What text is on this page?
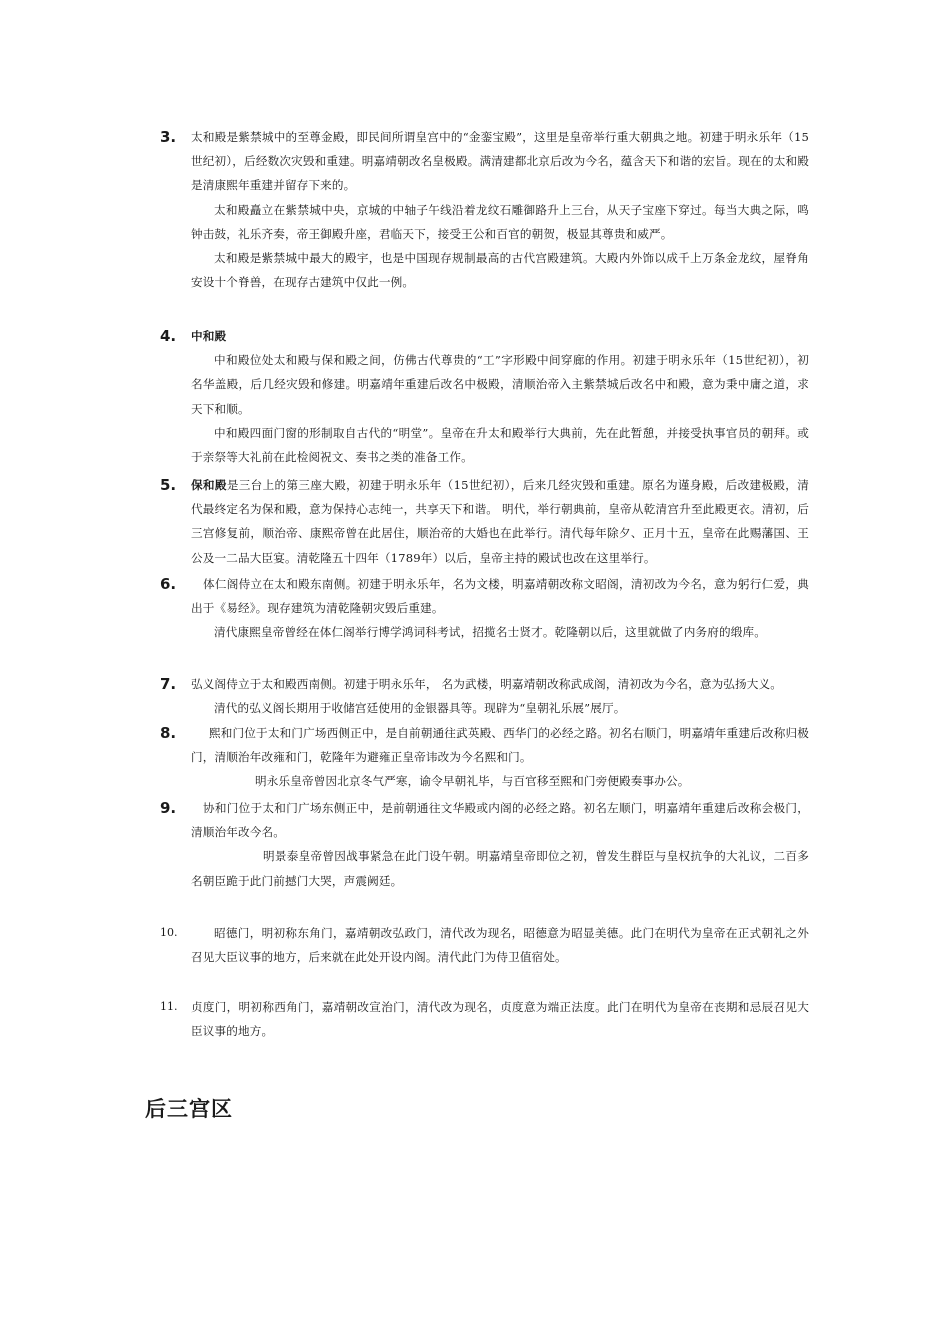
3.	太和殿是紫禁城中的至尊金殿，即民间所谓皇宫中的“金銮宝殿”，这里是皇帝举行重大朝典之地。初建于明永乐年（15世纪初），后经数次灾毁和重建。明嘉靖朝改名皇极殿。满清建都北京后改为今名，蕴含天下和谐的宏旨。现在的太和殿是清康熙年重建并留存下来的。

太和殿矗立在紫禁城中央，京城的中轴子午线沿着龙纹石雕御路升上三台，从天子宝座下穿过。每当大典之际，鸣钟击鼓，礼乐齐奏，帝王御殿升座，君临天下，接受王公和百官的朝贺，极显其尊贵和威严。

太和殿是紫禁城中最大的殿宇，也是中国现存规制最高的古代宫殿建筑。大殿内外饰以成千上万条金龙纹，屋脊角安设十个脊兽，在现存古建筑中仅此一例。

4.	中和殿

中和殿位处太和殿与保和殿之间，仿佛古代尊贵的“工”字形殿中间穿廊的作用。初建于明永乐年（15世纪初），初名华盖殿，后几经灾毁和修建。明嘉靖年重建后改名中极殿，清顺治帝入主紫禁城后改名中和殿，意为秉中庸之道，求天下和顺。

中和殿四面门窗的形制取自古代的“明堂”。皇帝在升太和殿举行大典前，先在此暂憩，并接受执事官员的朝拜。或于亲祭等大礼前在此检阅祝文、奏书之类的准备工作。

5.	保和殿是三台上的第三座大殿，初建于明永乐年（15世纪初），后来几经灾毁和重建。原名为谨身殿，后改建极殿，清代最终定名为保和殿，意为保持心志纯一，共享天下和谐。 明代，举行朝典前，皇帝从乾清宫升至此殿更衣。清初，后三宫修复前，顺治帝、康熙帝曾在此居住，顺治帝的大婚也在此举行。清代每年除夕、正月十五，皇帝在此赐藩国、王公及一二品大臣宴。清乾隆五十四年（1789年）以后，皇帝主持的殿试也改在这里举行。

6.	体仁阁侍立在太和殿东南侧。初建于明永乐年，名为文楼，明嘉靖朝改称文昭阁，清初改为今名，意为躬行仁爱，典出于《易经》。现存建筑为清乾隆朝灾毁后重建。

清代康熙皇帝曾经在体仁阁举行博学鸿词科考试，招揽名士贤才。乾隆朝以后，这里就做了内务府的缎库。

7.	弘义阁侍立于太和殿西南侧。初建于明永乐年， 名为武楼，明嘉靖朝改称武成阁，清初改为今名，意为弘扬大义。

清代的弘义阁长期用于收储宫廷使用的金银器具等。现辟为“皇朝礼乐展”展厅。

8.	熙和门位于太和门广场西侧正中，是自前朝通往武英殿、西华门的必经之路。初名右顺门，明嘉靖年重建后改称归极门，清顺治年改雍和门，乾隆年为避雍正皇帝讳改为今名熙和门。

明永乐皇帝曾因北京冬气严寒，谕令早朝礼毕，与百官移至熙和门旁便殿奏事办公。

9.	协和门位于太和门广场东侧正中，是前朝通往文华殿或内阁的必经之路。初名左顺门，明嘉靖年重建后改称会极门，清顺治年改今名。

明景泰皇帝曾因战事紧急在此门设午朝。明嘉靖皇帝即位之初，曾发生群臣与皇权抗争的大礼议，二百多名朝臣跪于此门前撼门大哭，声震阙廷。

10.	昭德门，明初称东角门，嘉靖朝改弘政门，清代改为现名，昭德意为昭显美德。此门在明代为皇帝在正式朝礼之外召见大臣议事的地方，后来就在此处开设内阁。清代此门为侍卫值宿处。

11.	贞度门，明初称西角门，嘉靖朝改宣治门，清代改为现名，贞度意为端正法度。此门在明代为皇帝在丧期和忌辰召见大臣议事的地方。

后三宫区
